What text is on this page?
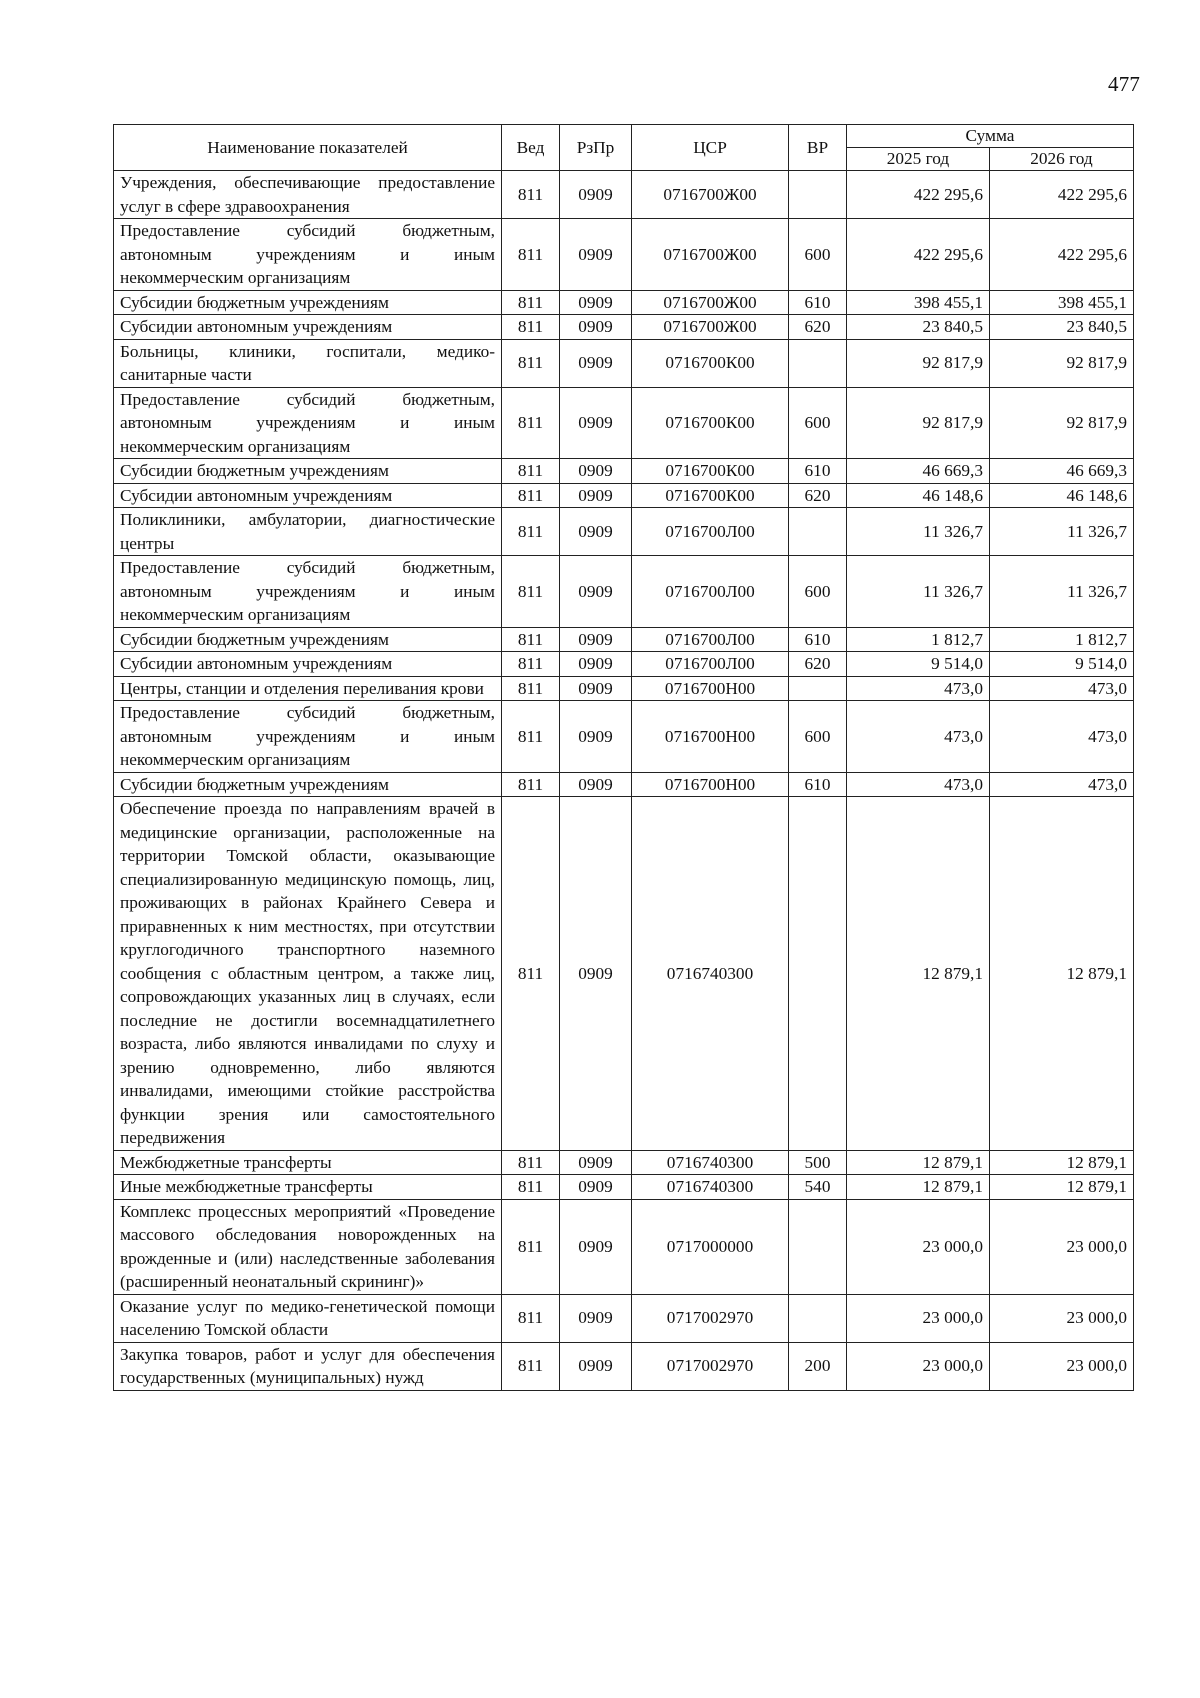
477
Наименование показателей	Вед	РзПр	ЦСР	ВР	Сумма	
					2025 год	2026 год
Учреждения, обеспечивающие предоставление услуг в сфере здравоохранения	811	0909	0716700Ж00		422 295,6	422 295,6
Предоставление субсидий бюджетным, автономным учреждениям и иным некоммерческим организациям	811	0909	0716700Ж00	600	422 295,6	422 295,6
Субсидии бюджетным учреждениям	811	0909	0716700Ж00	610	398 455,1	398 455,1
Субсидии автономным учреждениям	811	0909	0716700Ж00	620	23 840,5	23 840,5
Больницы, клиники, госпитали, медико-санитарные части	811	0909	0716700К00		92 817,9	92 817,9
Предоставление субсидий бюджетным, автономным учреждениям и иным некоммерческим организациям	811	0909	0716700К00	600	92 817,9	92 817,9
Субсидии бюджетным учреждениям	811	0909	0716700К00	610	46 669,3	46 669,3
Субсидии автономным учреждениям	811	0909	0716700К00	620	46 148,6	46 148,6
Поликлиники, амбулатории, диагностические центры	811	0909	0716700Л00		11 326,7	11 326,7
Предоставление субсидий бюджетным, автономным учреждениям и иным некоммерческим организациям	811	0909	0716700Л00	600	11 326,7	11 326,7
Субсидии бюджетным учреждениям	811	0909	0716700Л00	610	1 812,7	1 812,7
Субсидии автономным учреждениям	811	0909	0716700Л00	620	9 514,0	9 514,0
Центры, станции и отделения переливания крови	811	0909	0716700Н00		473,0	473,0
Предоставление субсидий бюджетным, автономным учреждениям и иным некоммерческим организациям	811	0909	0716700Н00	600	473,0	473,0
Субсидии бюджетным учреждениям	811	0909	0716700Н00	610	473,0	473,0
Обеспечение проезда по направлениям врачей в медицинские организации, расположенные на территории Томской области, оказывающие специализированную медицинскую помощь, лиц, проживающих в районах Крайнего Севера и приравненных к ним местностях, при отсутствии круглогодичного транспортного наземного сообщения с областным центром, а также лиц, сопровождающих указанных лиц в случаях, если последние не достигли восемнадцатилетнего возраста, либо являются инвалидами по слуху и зрению одновременно, либо являются инвалидами, имеющими стойкие расстройства функции зрения или самостоятельного передвижения	811	0909	0716740300		12 879,1	12 879,1
Межбюджетные трансферты	811	0909	0716740300	500	12 879,1	12 879,1
Иные межбюджетные трансферты	811	0909	0716740300	540	12 879,1	12 879,1
Комплекс процессных мероприятий «Проведение массового обследования новорожденных на врожденные и (или) наследственные заболевания (расширенный неонатальный скрининг)»	811	0909	0717000000		23 000,0	23 000,0
Оказание услуг по медико-генетической помощи населению Томской области	811	0909	0717002970		23 000,0	23 000,0
Закупка товаров, работ и услуг для обеспечения государственных (муниципальных) нужд	811	0909	0717002970	200	23 000,0	23 000,0
